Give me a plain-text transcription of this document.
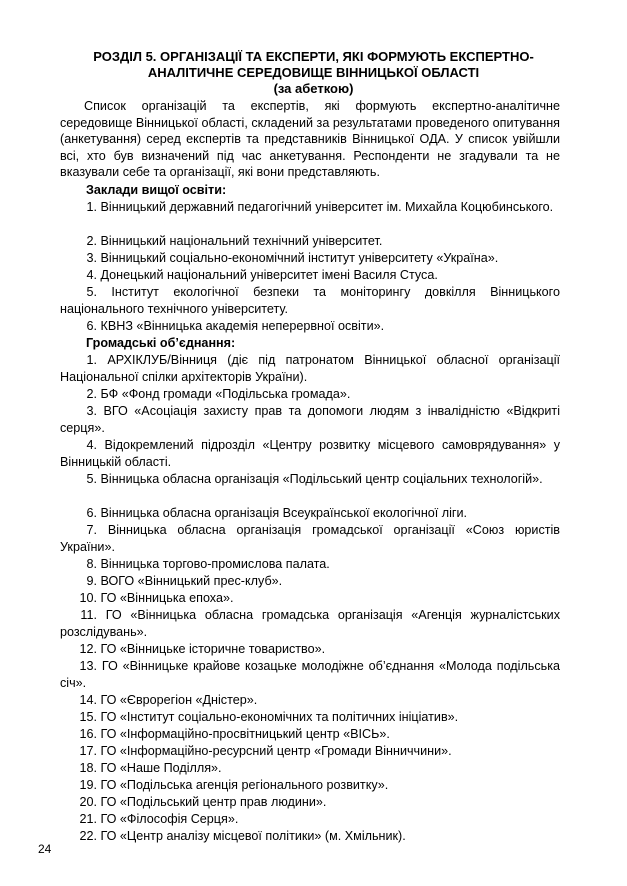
РОЗДІЛ 5. ОРГАНІЗАЦІЇ ТА ЕКСПЕРТИ, ЯКІ ФОРМУЮТЬ ЕКСПЕРТНО-
АНАЛІТИЧНЕ СЕРЕДОВИЩЕ ВІННИЦЬКОЇ ОБЛАСТІ
(за абеткою)
Список організацій та експертів, які формують експертно-аналітичне середовище Вінницької області, складений за результатами проведеного опитування (анкетування) серед експертів та представників Вінницької ОДА. У список увійшли всі, хто був визначений під час анкетування. Респонденти не згадували та не вказували себе та організації, які вони представляють.
Заклади вищої освіти:
1. Вінницький державний педагогічний університет ім. Михайла Коцюбинського.
2. Вінницький національний технічний університет.
3. Вінницький соціально-економічний інститут університету «Україна».
4. Донецький національний університет імені Василя Стуса.
5. Інститут екологічної безпеки та моніторингу довкілля Вінницького національного технічного університету.
6. КВНЗ «Вінницька академія неперервної освіти».
Громадські об’єднання:
1. АРХІКЛУБ/Вінниця (діє під патронатом Вінницької обласної організації Національної спілки архітекторів України).
2. БФ «Фонд громади «Подільська громада».
3. ВГО «Асоціація захисту прав та допомоги людям з інвалідністю «Відкриті серця».
4. Відокремлений підрозділ «Центру розвитку місцевого самоврядування» у Вінницькій області.
5. Вінницька обласна організація «Подільський центр соціальних технологій».
6. Вінницька обласна організація Всеукраїнської екологічної ліги.
7. Вінницька обласна організація громадської організації «Союз юристів України».
8. Вінницька торгово-промислова палата.
9. ВОГО «Вінницький прес-клуб».
10. ГО «Вінницька епоха».
11. ГО «Вінницька обласна громадська організація «Агенція журналістських розслідувань».
12. ГО «Вінницьке історичне товариство».
13. ГО «Вінницьке крайове козацьке молодіжне об’єднання «Молода подільська січ».
14. ГО «Єврорегіон «Дністер».
15. ГО «Інститут соціально-економічних та політичних ініціатив».
16. ГО «Інформаційно-просвітницький центр «ВІСЬ».
17. ГО «Інформаційно-ресурсний центр «Громади Вінниччини».
18. ГО «Наше Поділля».
19. ГО «Подільська агенція регіонального розвитку».
20. ГО «Подільський центр прав людини».
21. ГО «Філософія Серця».
22. ГО «Центр аналізу місцевої політики» (м. Хмільник).
24
